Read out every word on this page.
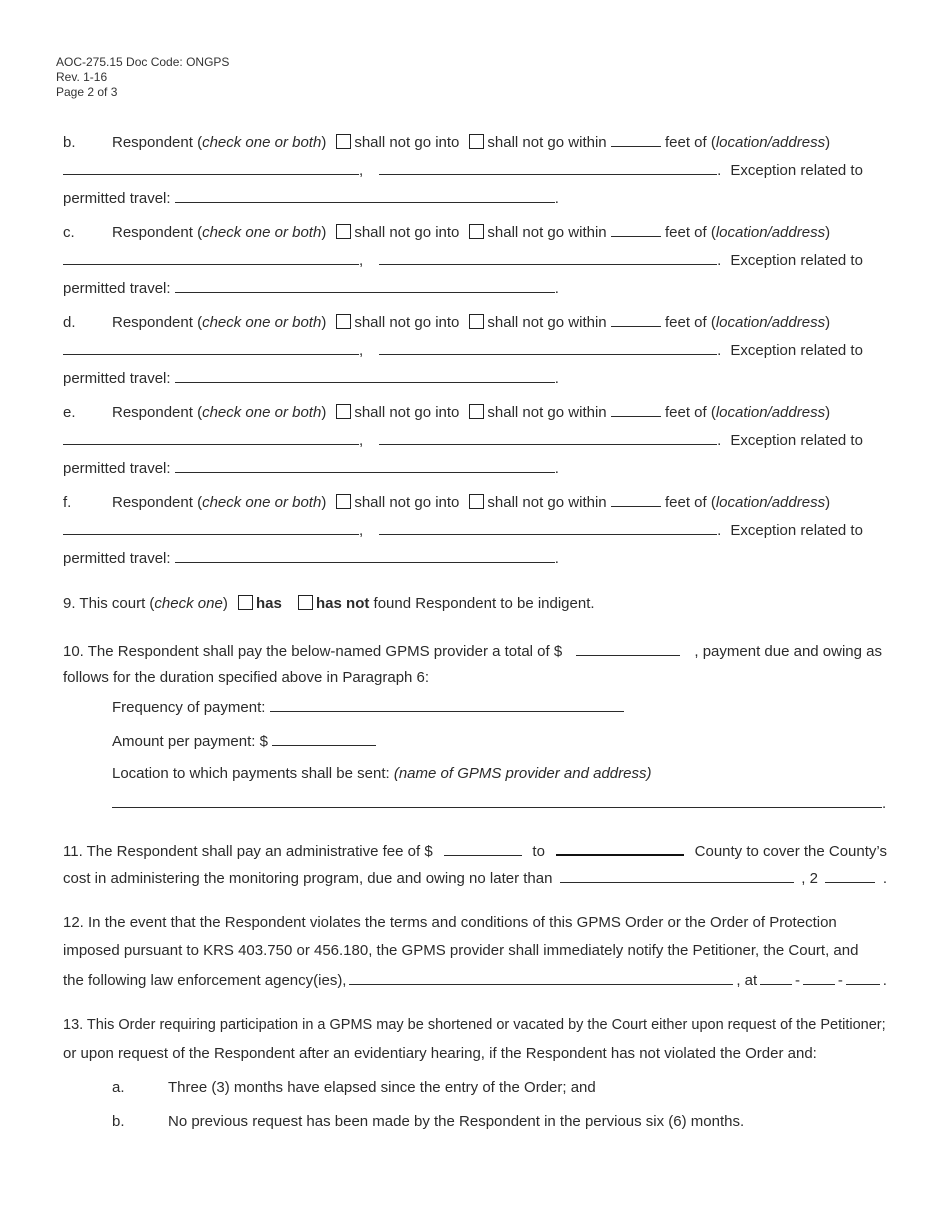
AOC-275.15 Doc Code: ONGPS
Rev. 1-16
Page 2 of 3
b. Respondent (check one or both) shall not go into shall not go within	feet of (location/address)
,	. Exception related to
permitted travel:	.
c. Respondent (check one or both) shall not go into shall not go within	feet of (location/address)
,	. Exception related to
permitted travel:	.
d. Respondent (check one or both) shall not go into shall not go within	feet of (location/address)
,	. Exception related to
permitted travel:	.
e. Respondent (check one or both) shall not go into shall not go within	feet of (location/address)
,	. Exception related to
permitted travel:	.
f.	Respondent (check one or both) shall not go into shall not go within	feet of (location/address)
,	. Exception related to
permitted travel:	.
9. This court (check one) has has not found Respondent to be indigent.
10. The Respondent shall pay the below-named GPMS provider a total of $	, payment due and owing as
follows for the duration specified above in Paragraph 6:
Frequency of payment:
Amount per payment: $
Location to which payments shall be sent: (name of GPMS provider and address)
.
11. The Respondent shall pay an administrative fee of $	to	County to cover the County’s
cost in administering the monitoring program, due and owing no later than	, 2	.
12. In the event that the Respondent violates the terms and conditions of this GPMS Order or the Order of Protection
imposed pursuant to KRS 403.750 or 456.180, the GPMS provider shall immediately notify the Petitioner, the Court, and
the following law enforcement agency(ies),	, at	-	-	.
13. This Order requiring participation in a GPMS may be shortened or vacated by the Court either upon request of the Petitioner;
or upon request of the Respondent after an evidentiary hearing, if the Respondent has not violated the Order and:
a.	Three (3) months have elapsed since the entry of the Order; and
b.	No previous request has been made by the Respondent in the pervious six (6) months.
